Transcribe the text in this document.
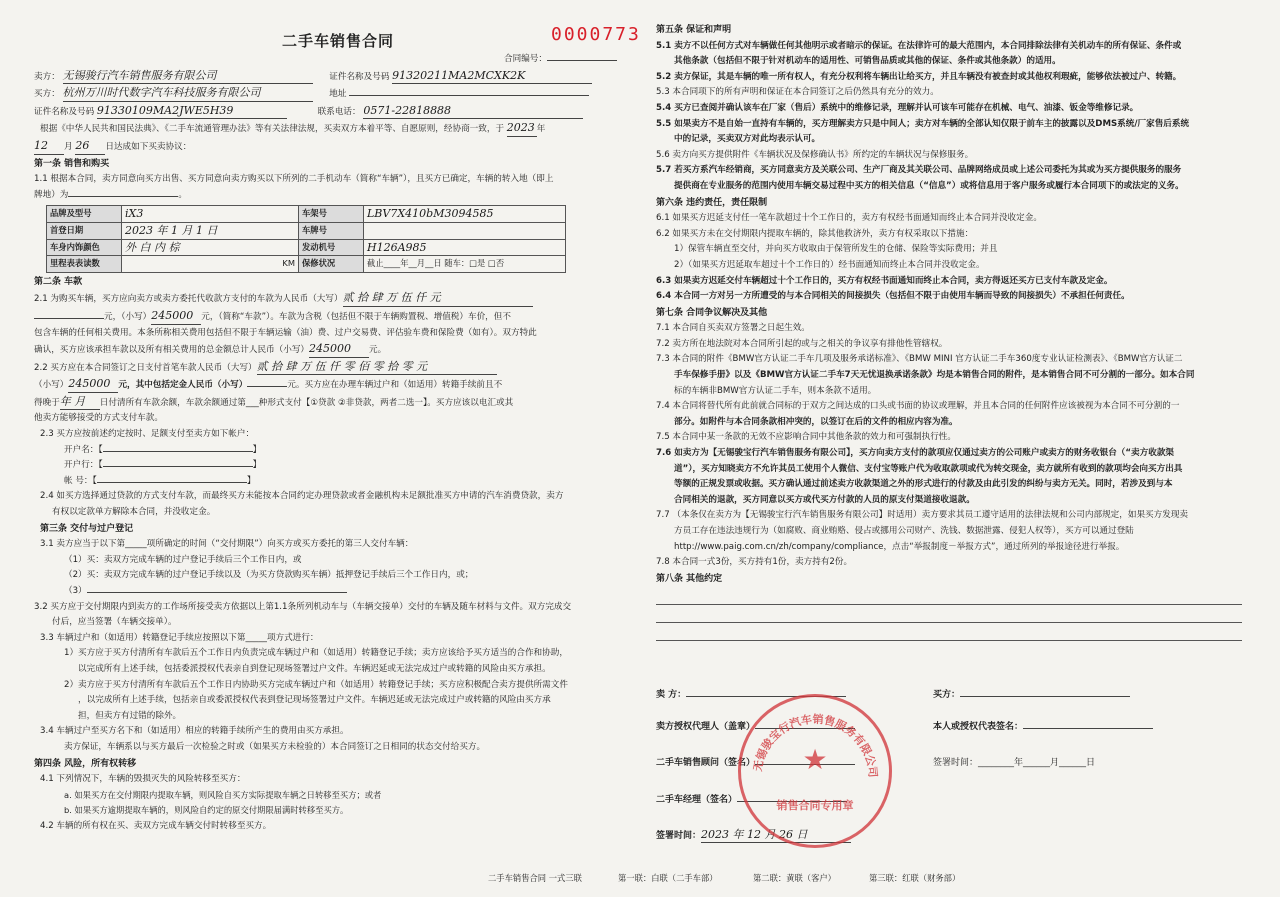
二手车销售合同	0000773
合同编号：
卖方： 无锡骏行汽车销售服务有限公司	证件名称及号码 91320211MA2MCXK2K
买方： 杭州万川时代数字汽车科技服务有限公司	地址
证件名称及号码 91330109MA2JWE5H39	联系电话： 0571-22818888
根据《中华人民共和国民法典》、《二手车流通管理办法》等有关法律法规，买卖双方本着平等、自愿原则，经协商一致，于 2023 年
12 月 26 日达成如下买卖协议：
第一条 销售和购买
1.1 根据本合同，卖方同意向买方出售、买方同意向卖方购买以下所列的二手机动车（简称“车辆”），且买方已确定，车辆的转入地（即上
牌地）为	。
品牌及型号	iX3	车架号	LBV7X410bM3094585
首登日期	2023 年 1 月 1 日	车牌号	
车身内饰颜色	外 白 内 棕	发动机号	H126A985
里程表表读数	KM	保修状况	截止____年__月__日 随车：□是 □否
第二条 车款
2.1 为购买车辆，买方应向卖方或卖方委托代收款方支付的车款为人民币（大写）贰 拾 肆 万 伍 仟 元
元，（小写）245000 元，（简称“车款”）。车款为含税（包括但不限于车辆购置税、增值税）车价，但不
包含车辆的任何相关费用。本条所称相关费用包括但不限于车辆运输（油）费、过户交易费、评估验车费和保险费（如有）。双方特此
确认，买方应该承担车款以及所有相关费用的总金额总计人民币（小写）245000 元。
2.2 买方应在本合同签订之日支付首笔车款人民币（大写）贰 拾 肆 万 伍 仟 零 佰 零 拾 零 元
（小写）245000 元，其中包括定金人民币（小写）	元。买方应在办理车辆过户和（如适用）转籍手续前且不
得晚于年 月 日付清所有车款余额，车款余额通过第___种形式支付【①贷款 ②非贷款，两者二选一】。买方应该以电汇或其
他卖方能够接受的方式支付车款。
2.3 买方应按前述约定按时、足额支付至卖方如下帐户：
开户名：【	】
开户行：【	】
帐 号：【	】
2.4 如买方选择通过贷款的方式支付车款，而最终买方未能按本合同约定办理贷款或者金融机构未足额批准买方申请的汽车消费贷款，卖方
有权以定款单方解除本合同，并没收定金。
第三条 交付与过户登记
3.1 卖方应当于以下第_____项所确定的时间（“交付期限”）向买方或买方委托的第三人交付车辆：
（1）买：卖双方完成车辆的过户登记手续后三个工作日内，或
（2）买：卖双方完成车辆的过户登记手续以及（为买方贷款购买车辆）抵押登记手续后三个工作日内，或；
（3）
3.2 买方应于交付期限内到卖方的工作场所接受卖方依据以上第1.1条所列机动车与（车辆交接单）交付的车辆及随车材料与文件。双方完成交
付后，应当签署（车辆交接单）。
3.3 车辆过户和（如适用）转籍登记手续应按照以下第_____项方式进行：
1）买方应于买方付清所有车款后五个工作日内负责完成车辆过户和（如适用）转籍登记手续；卖方应该给予买方适当的合作和协助，
以完成所有上述手续，包括委派授权代表亲自到登记现场签署过户文件。车辆迟延或无法完成过户或转籍的风险由买方承担。
2）卖方应于买方付清所有车款后五个工作日内协助买方完成车辆过户和（如适用）转籍登记手续；买方应积极配合卖方提供所需文件
，以完成所有上述手续，包括亲自或委派授权代表到登记现场签署过户文件。车辆迟延或无法完成过户或转籍的风险由买方承
担，但卖方有过错的除外。
3.4 车辆过户至买方名下和（如适用）相应的转籍手续所产生的费用由买方承担。
卖方保证，车辆系以与买方最后一次检验之时或（如果买方未检验的）本合同签订之日相同的状态交付给买方。
第四条 风险，所有权转移
4.1 下列情况下，车辆的毁损灭失的风险转移至买方：
a. 如果买方在交付期限内提取车辆，则风险自买方实际提取车辆之日转移至买方；或者
b. 如果买方逾期提取车辆的，则风险自约定的原交付期限届满时转移至买方。
4.2 车辆的所有权在买、卖双方完成车辆交付时转移至买方。
第五条 保证和声明
5.1 卖方不以任何方式对车辆做任何其他明示或者暗示的保证。在法律许可的最大范围内，本合同排除法律有关机动车的所有保证、条件或
其他条款（包括但不限于针对机动车的适用性、可销售品质或其他的保证、条件或其他条款）的适用。
5.2 卖方保证，其是车辆的唯一所有权人，有充分权利将车辆出让给买方，并且车辆没有被查封或其他权利瑕疵，能够依法被过户、转籍。
5.3 本合同项下的所有声明和保证在本合同签订之后仍然具有充分的效力。
5.4 买方已查阅并确认该车在厂家（售后）系统中的维修记录，理解并认可该车可能存在机械、电气、油漆、钣金等维修记录。
5.5 如果卖方不是自始一直持有车辆的，买方理解卖方只是中间人；卖方对车辆的全部认知仅限于前车主的披露以及DMS系统/厂家售后系统
中的记录，买卖双方对此均表示认可。
5.6 卖方向买方提供附件《车辆状况及保修确认书》所约定的车辆状况与保修服务。
5.7 若买方系汽车经销商，买方同意卖方及关联公司、生产厂商及其关联公司、品牌网络成员或上述公司委托为其或为买方提供服务的服务
提供商在专业服务的范围内使用车辆交易过程中买方的相关信息（“信息”）或将信息用于客户服务或履行本合同项下的或法定的义务。
第六条 违约责任，责任限制
6.1 如果买方迟延支付任一笔车款超过十个工作日的，卖方有权经书面通知而终止本合同并没收定金。
6.2 如果买方未在交付期限内提取车辆的，除其他救济外，卖方有权采取以下措施：
1）保管车辆直至交付，并向买方收取由于保管所发生的仓储、保险等实际费用；并且
2）（如果买方迟延取车超过十个工作日的）经书面通知而终止本合同并没收定金。
6.3 如果卖方迟延交付车辆超过十个工作日的，买方有权经书面通知而终止本合同，卖方得返还买方已支付车款及定金。
6.4 本合同一方对另一方所遭受的与本合同相关的间接损失（包括但不限于由使用车辆而导致的间接损失）不承担任何责任。
第七条 合同争议解决及其他
7.1 本合同自买卖双方签署之日起生效。
7.2 卖方所在地法院对本合同所引起的或与之相关的争议享有排他性管辖权。
7.3 本合同的附件《BMW官方认证二手车几项及服务承诺标准》、《BMW MINI 官方认证二手车360度专业认证检测表》、《BMW官方认证二
手车保修手册》以及《BMW官方认证二手车7天无忧退换承诺条款》均是本销售合同的附件，是本销售合同不可分割的一部分。如本合同
标的车辆非BMW官方认证二手车，则本条款不适用。
7.4 本合同将替代所有此前就合同标的于双方之间达成的口头或书面的协议或理解，并且本合同的任何附件应该被视为本合同不可分割的一
部分。如附件与本合同条款相冲突的，以签订在后的文件的相应内容为准。
7.5 本合同中某一条款的无效不应影响合同中其他条款的效力和可强制执行性。
7.6 如卖方为【无锡骏宝行汽车销售服务有限公司】，买方向卖方支付的款项应仅通过卖方的公司账户或卖方的财务收银台（“卖方收款渠
道”），买方知晓卖方不允许其员工使用个人微信、支付宝等账户代为收取款项或代为转交现金，卖方就所有收到的款项均会向买方出具
等额的正规发票或收据。买方确认通过前述卖方收款渠道之外的形式进行的付款及由此引发的纠纷与卖方无关。同时，若涉及到与本
合同相关的退款，买方同意以买方或代买方付款的人员的原支付渠道接收退款。
7.7 （本条仅在卖方为【无锡骏宝行汽车销售服务有限公司】时适用）卖方要求其员工遵守适用的法律法规和公司内部规定，如果买方发现卖
方员工存在违法违规行为（如腐败、商业贿赂、侵占或挪用公司财产、洗钱、数据泄露、侵犯人权等），买方可以通过登陆
http://www.paig.com.cn/zh/company/compliance，点击“举报制度－举报方式”，通过所列的举报途径进行举报。
7.8 本合同一式3份，买方持有1份，卖方持有2份。
第八条 其他约定
卖 方：	买方：
卖方授权代理人（盖章）	本人或授权代表签名：
二手车销售顾问（签名）	签署时间：________年______月______日
二手车经理（签名）
签署时间：2023 年 12 月 26 日
无锡骏宝行汽车销售服务有限公司
★
销售合同专用章
二手车销售合同 一式三联	第一联：白联（二手车部）	第二联：黄联（客户）	第三联：红联（财务部）
